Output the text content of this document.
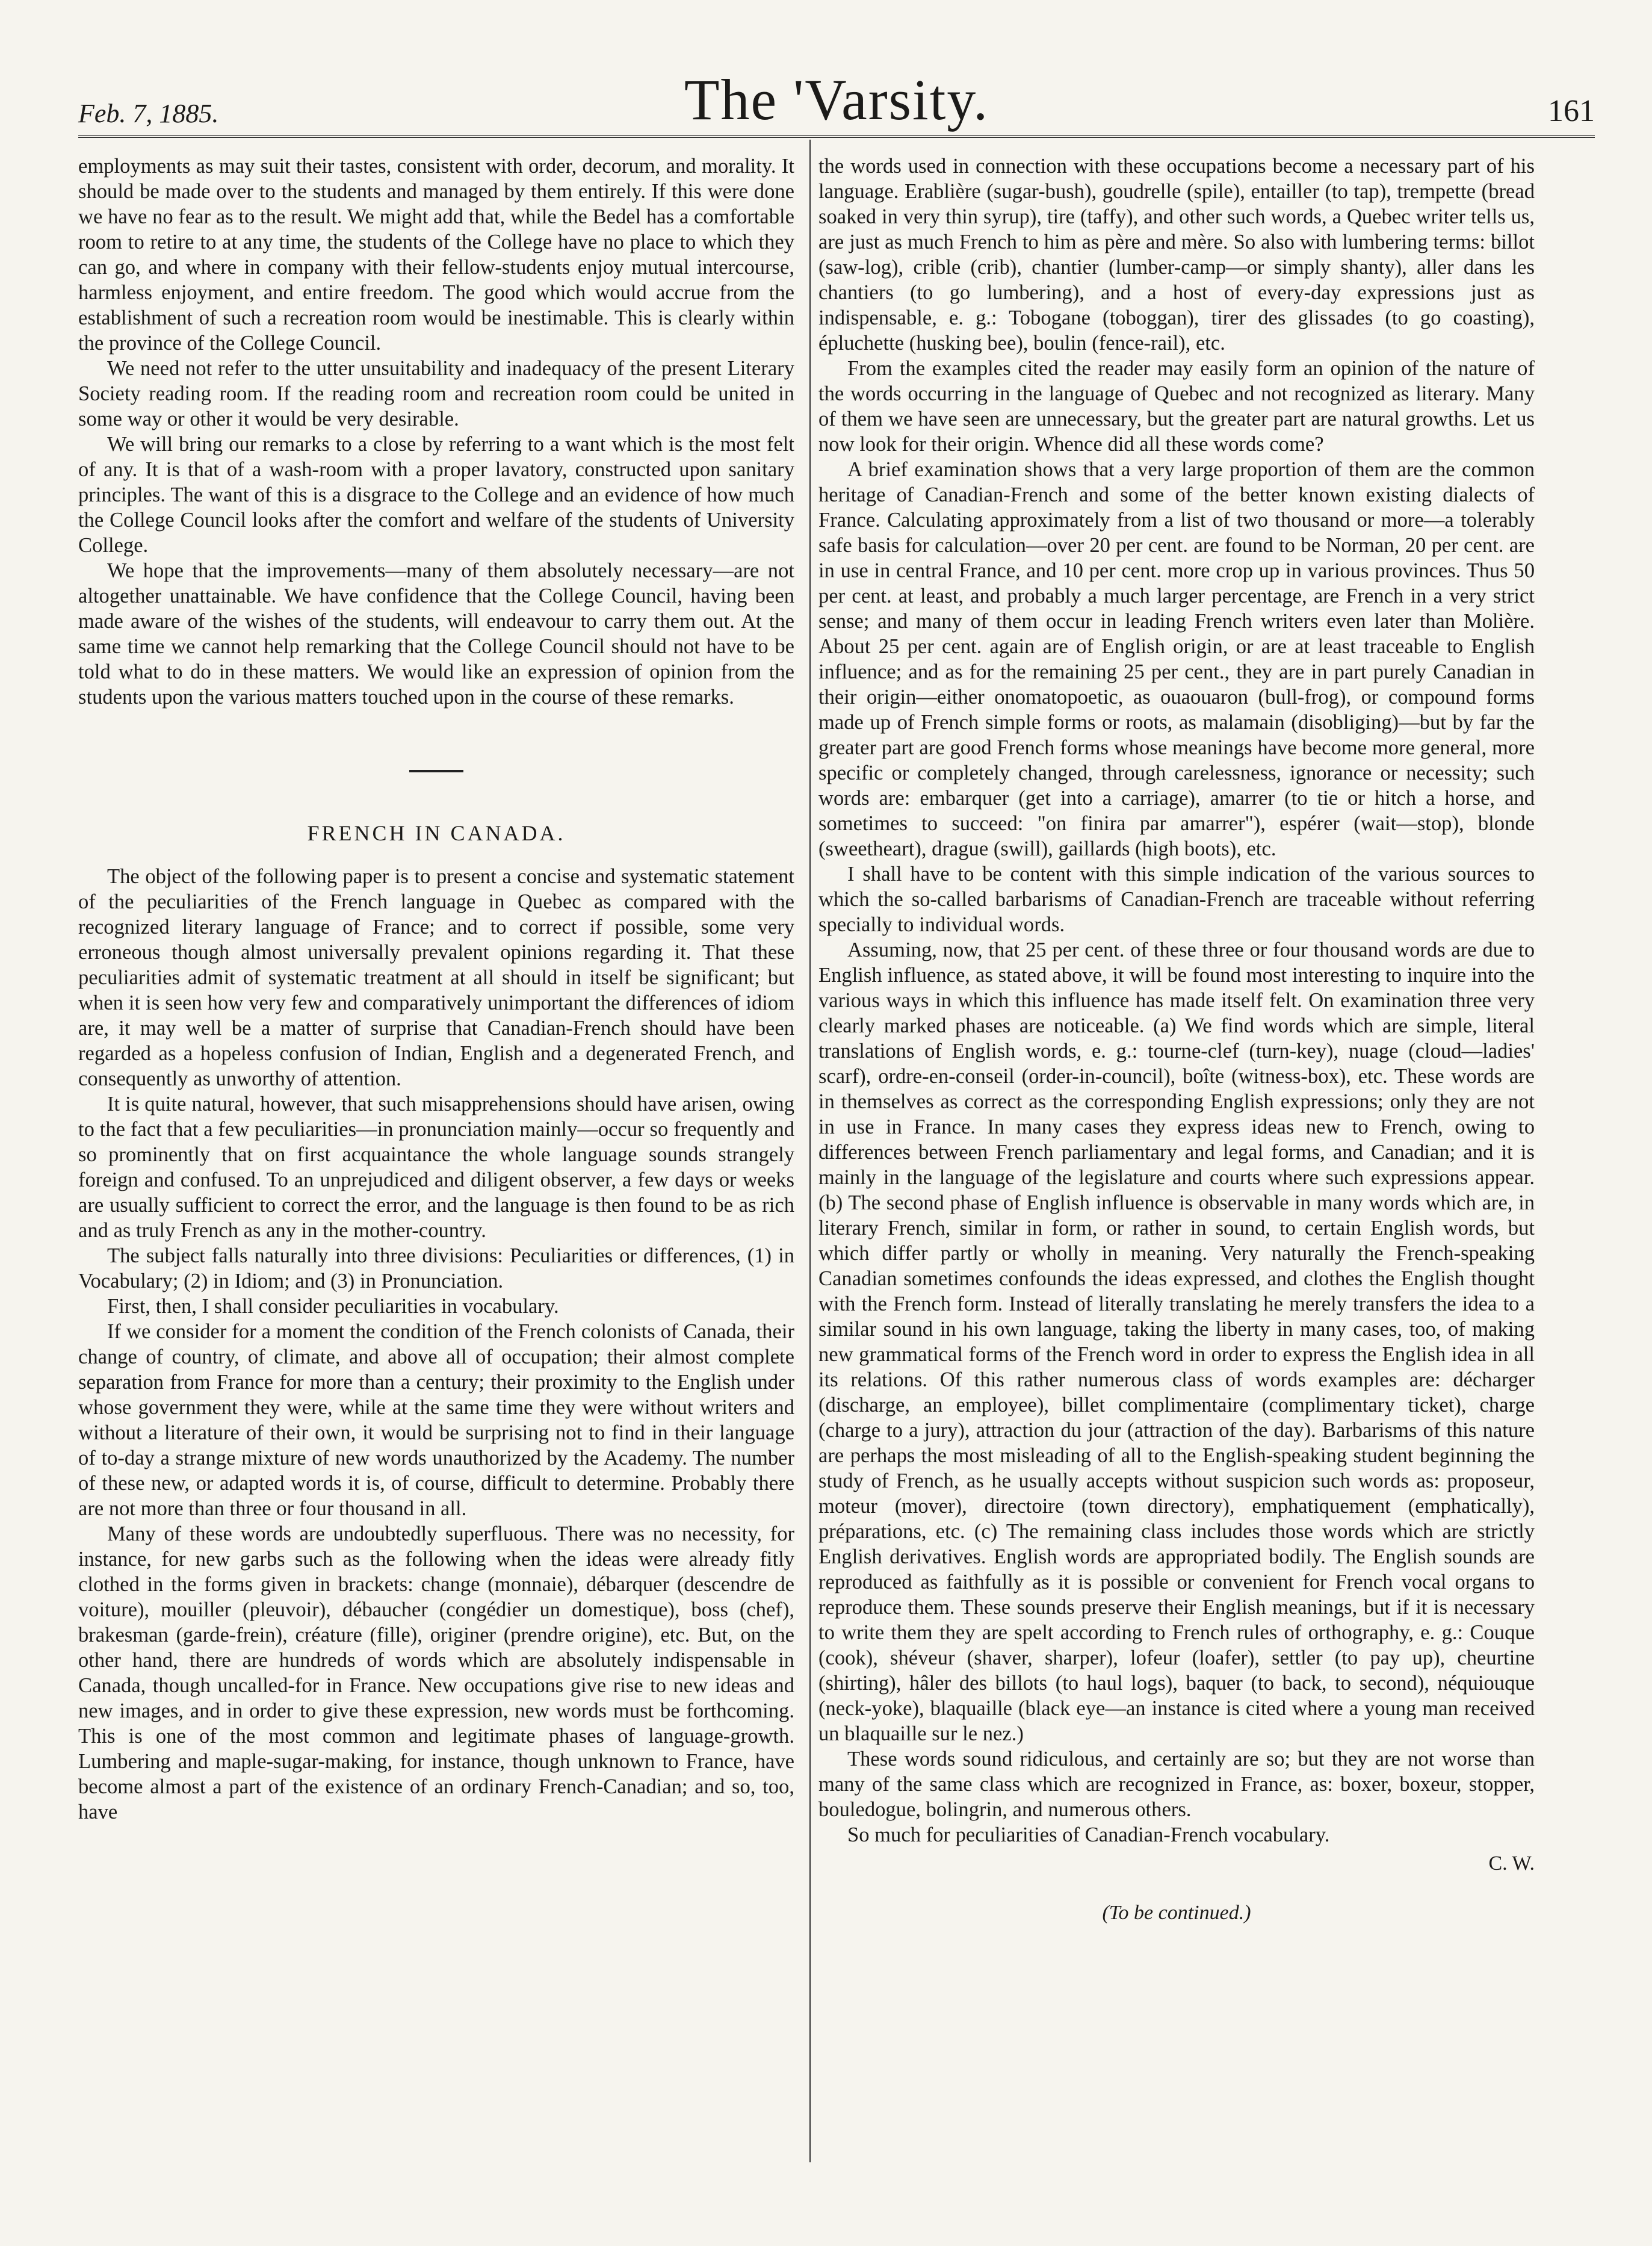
Feb. 7, 1885.	The 'Varsity.	161

employments as may suit their tastes, consistent with order, decorum, and morality. It should be made over to the students and managed by them entirely. If this were done we have no fear as to the result. We might add that, while the Bedel has a comfortable room to retire to at any time, the students of the College have no place to which they can go, and where in company with their fellow-students enjoy mutual intercourse, harmless enjoyment, and entire freedom. The good which would accrue from the establishment of such a recreation room would be inestimable. This is clearly within the province of the College Council.

We need not refer to the utter unsuitability and inadequacy of the present Literary Society reading room. If the reading room and recreation room could be united in some way or other it would be very desirable.

We will bring our remarks to a close by referring to a want which is the most felt of any. It is that of a wash-room with a proper lavatory, constructed upon sanitary principles. The want of this is a disgrace to the College and an evidence of how much the College Council looks after the comfort and welfare of the students of University College.

We hope that the improvements—many of them absolutely necessary—are not altogether unattainable. We have confidence that the College Council, having been made aware of the wishes of the students, will endeavour to carry them out. At the same time we cannot help remarking that the College Council should not have to be told what to do in these matters. We would like an expression of opinion from the students upon the various matters touched upon in the course of these remarks.

FRENCH IN CANADA.

The object of the following paper is to present a concise and systematic statement of the peculiarities of the French language in Quebec as compared with the recognized literary language of France; and to correct if possible, some very erroneous though almost universally prevalent opinions regarding it. That these peculiarities admit of systematic treatment at all should in itself be significant; but when it is seen how very few and comparatively unimportant the differences of idiom are, it may well be a matter of surprise that Canadian-French should have been regarded as a hopeless confusion of Indian, English and a degenerated French, and consequently as unworthy of attention.

It is quite natural, however, that such misapprehensions should have arisen, owing to the fact that a few peculiarities—in pronunciation mainly—occur so frequently and so prominently that on first acquaintance the whole language sounds strangely foreign and confused. To an unprejudiced and diligent observer, a few days or weeks are usually sufficient to correct the error, and the language is then found to be as rich and as truly French as any in the mother-country.

The subject falls naturally into three divisions: Peculiarities or differences, (1) in Vocabulary; (2) in Idiom; and (3) in Pronunciation.

First, then, I shall consider peculiarities in vocabulary.

If we consider for a moment the condition of the French colonists of Canada, their change of country, of climate, and above all of occupation; their almost complete separation from France for more than a century; their proximity to the English under whose government they were, while at the same time they were without writers and without a literature of their own, it would be surprising not to find in their language of to-day a strange mixture of new words unauthorized by the Academy. The number of these new, or adapted words it is, of course, difficult to determine. Probably there are not more than three or four thousand in all.

Many of these words are undoubtedly superfluous. There was no necessity, for instance, for new garbs such as the following when the ideas were already fitly clothed in the forms given in brackets: change (monnaie), débarquer (descendre de voiture), mouiller (pleuvoir), débaucher (congédier un domestique), boss (chef), brakesman (garde-frein), créature (fille), originer (prendre origine), etc. But, on the other hand, there are hundreds of words which are absolutely indispensable in Canada, though uncalled-for in France. New occupations give rise to new ideas and new images, and in order to give these expression, new words must be forthcoming. This is one of the most common and legitimate phases of language-growth. Lumbering and maple-sugar-making, for instance, though unknown to France, have become almost a part of the existence of an ordinary French-Canadian; and so, too, have

the words used in connection with these occupations become a necessary part of his language. Erablière (sugar-bush), goudrelle (spile), entailler (to tap), trempette (bread soaked in very thin syrup), tire (taffy), and other such words, a Quebec writer tells us, are just as much French to him as père and mère. So also with lumbering terms: billot (saw-log), crible (crib), chantier (lumber-camp—or simply shanty), aller dans les chantiers (to go lumbering), and a host of every-day expressions just as indispensable, e. g.: Tobogane (toboggan), tirer des glissades (to go coasting), épluchette (husking bee), boulin (fence-rail), etc.

From the examples cited the reader may easily form an opinion of the nature of the words occurring in the language of Quebec and not recognized as literary. Many of them we have seen are unnecessary, but the greater part are natural growths. Let us now look for their origin. Whence did all these words come?

A brief examination shows that a very large proportion of them are the common heritage of Canadian-French and some of the better known existing dialects of France. Calculating approximately from a list of two thousand or more—a tolerably safe basis for calculation—over 20 per cent. are found to be Norman, 20 per cent. are in use in central France, and 10 per cent. more crop up in various provinces. Thus 50 per cent. at least, and probably a much larger percentage, are French in a very strict sense; and many of them occur in leading French writers even later than Molière. About 25 per cent. again are of English origin, or are at least traceable to English influence; and as for the remaining 25 per cent., they are in part purely Canadian in their origin—either onomatopoetic, as ouaouaron (bull-frog), or compound forms made up of French simple forms or roots, as malamain (disobliging)—but by far the greater part are good French forms whose meanings have become more general, more specific or completely changed, through carelessness, ignorance or necessity; such words are: embarquer (get into a carriage), amarrer (to tie or hitch a horse, and sometimes to succeed: "on finira par amarrer"), espérer (wait—stop), blonde (sweetheart), drague (swill), gaillards (high boots), etc.

I shall have to be content with this simple indication of the various sources to which the so-called barbarisms of Canadian-French are traceable without referring specially to individual words.

Assuming, now, that 25 per cent. of these three or four thousand words are due to English influence, as stated above, it will be found most interesting to inquire into the various ways in which this influence has made itself felt. On examination three very clearly marked phases are noticeable. (a) We find words which are simple, literal translations of English words, e. g.: tourne-clef (turn-key), nuage (cloud—ladies' scarf), ordre-en-conseil (order-in-council), boîte (witness-box), etc. These words are in themselves as correct as the corresponding English expressions; only they are not in use in France. In many cases they express ideas new to French, owing to differences between French parliamentary and legal forms, and Canadian; and it is mainly in the language of the legislature and courts where such expressions appear. (b) The second phase of English influence is observable in many words which are, in literary French, similar in form, or rather in sound, to certain English words, but which differ partly or wholly in meaning. Very naturally the French-speaking Canadian sometimes confounds the ideas expressed, and clothes the English thought with the French form. Instead of literally translating he merely transfers the idea to a similar sound in his own language, taking the liberty in many cases, too, of making new grammatical forms of the French word in order to express the English idea in all its relations. Of this rather numerous class of words examples are: décharger (discharge, an employee), billet complimentaire (complimentary ticket), charge (charge to a jury), attraction du jour (attraction of the day). Barbarisms of this nature are perhaps the most misleading of all to the English-speaking student beginning the study of French, as he usually accepts without suspicion such words as: proposeur, moteur (mover), directoire (town directory), emphatiquement (emphatically), préparations, etc. (c) The remaining class includes those words which are strictly English derivatives. English words are appropriated bodily. The English sounds are reproduced as faithfully as it is possible or convenient for French vocal organs to reproduce them. These sounds preserve their English meanings, but if it is necessary to write them they are spelt according to French rules of orthography, e. g.: Couque (cook), shéveur (shaver, sharper), lofeur (loafer), settler (to pay up), cheurtine (shirting), hâler des billots (to haul logs), baquer (to back, to second), néquiouque (neck-yoke), blaquaille (black eye—an instance is cited where a young man received un blaquaille sur le nez.)

These words sound ridiculous, and certainly are so; but they are not worse than many of the same class which are recognized in France, as: boxer, boxeur, stopper, bouledogue, bolingrin, and numerous others.

So much for peculiarities of Canadian-French vocabulary.

C. W.
(To be continued.)
